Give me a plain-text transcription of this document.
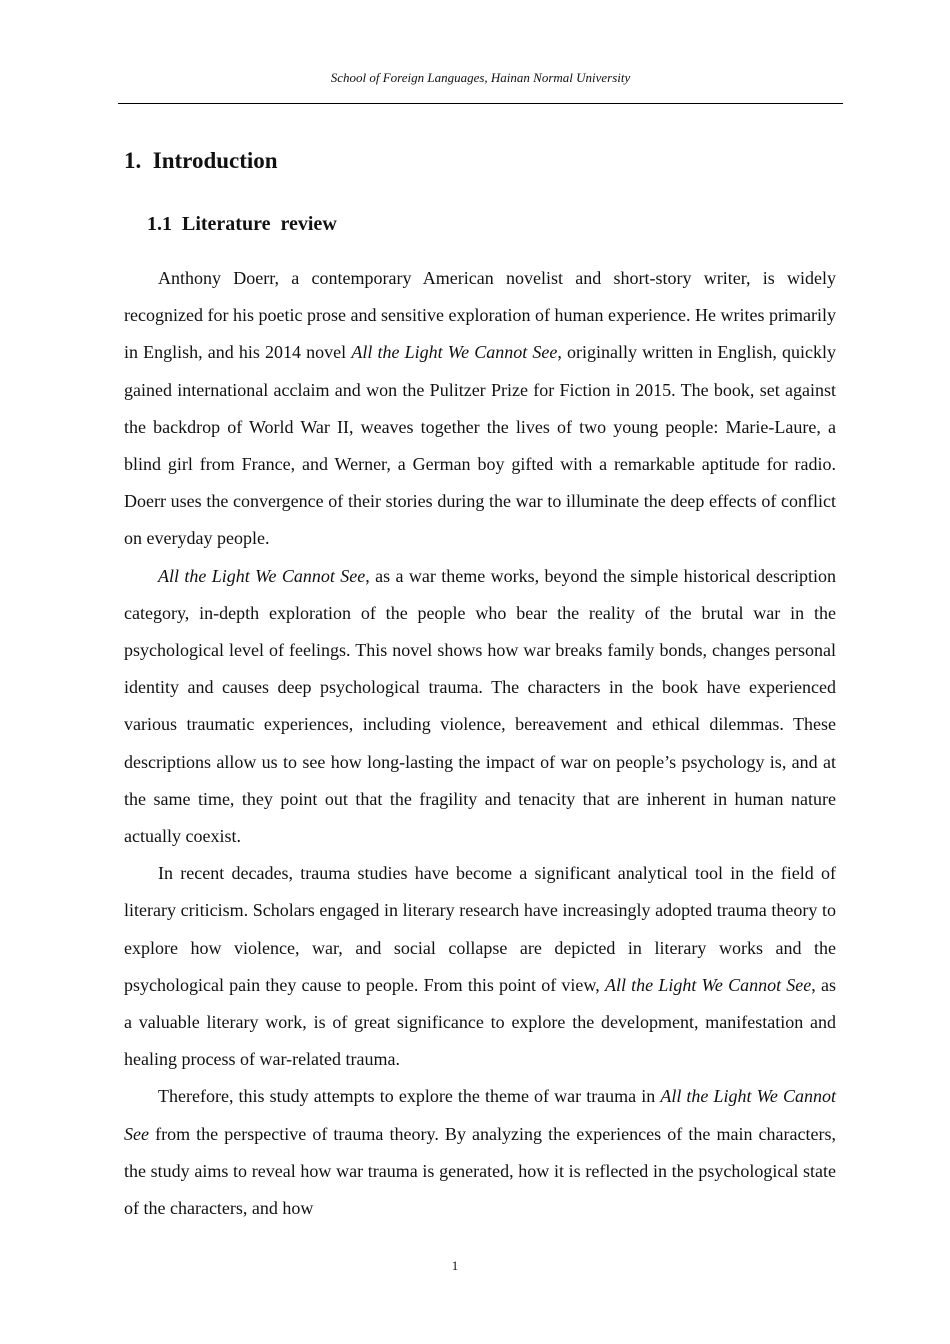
School of Foreign Languages, Hainan Normal University
1.  Introduction
1.1  Literature  review

Anthony Doerr, a contemporary American novelist and short-story writer, is widely recognized for his poetic prose and sensitive exploration of human experience. He writes primarily in English, and his 2014 novel All the Light We Cannot See, originally written in English, quickly gained international acclaim and won the Pulitzer Prize for Fiction in 2015. The book, set against the backdrop of World War II, weaves together the lives of two young people: Marie-Laure, a blind girl from France, and Werner, a German boy gifted with a remarkable aptitude for radio. Doerr uses the convergence of their stories during the war to illuminate the deep effects of conflict on everyday people.

All the Light We Cannot See, as a war theme works, beyond the simple historical description category, in-depth exploration of the people who bear the reality of the brutal war in the psychological level of feelings. This novel shows how war breaks family bonds, changes personal identity and causes deep psychological trauma. The characters in the book have experienced various traumatic experiences, including violence, bereavement and ethical dilemmas. These descriptions allow us to see how long-lasting the impact of war on people’s psychology is, and at the same time, they point out that the fragility and tenacity that are inherent in human nature actually coexist.

In recent decades, trauma studies have become a significant analytical tool in the field of literary criticism. Scholars engaged in literary research have increasingly adopted trauma theory to explore how violence, war, and social collapse are depicted in literary works and the psychological pain they cause to people. From this point of view, All the Light We Cannot See, as a valuable literary work, is of great significance to explore the development, manifestation and healing process of war-related trauma.

Therefore, this study attempts to explore the theme of war trauma in All the Light We Cannot See from the perspective of trauma theory. By analyzing the experiences of the main characters, the study aims to reveal how war trauma is generated, how it is reflected in the psychological state of the characters, and how

1
